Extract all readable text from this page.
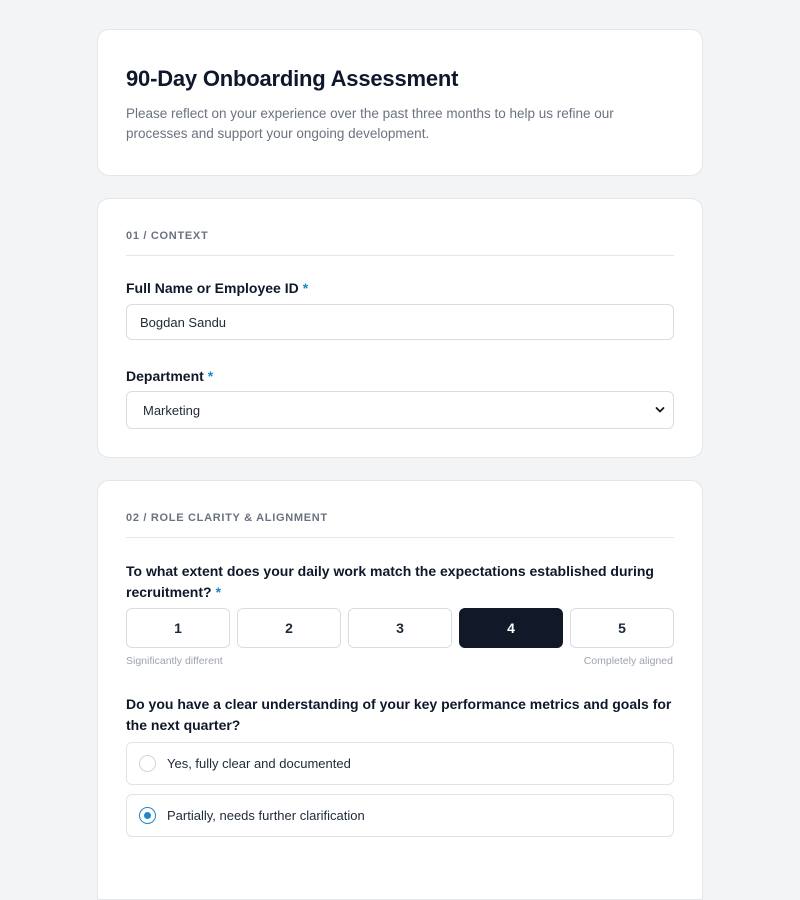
90-Day Onboarding Assessment

Please reflect on your experience over the past three months to help us refine our processes and support your ongoing development.

01 / CONTEXT
Full Name or Employee ID *
Bogdan Sandu
Department *
Marketing
02 / ROLE CLARITY & ALIGNMENT
To what extent does your daily work match the expectations established during recruitment? *
1	2	3	4	5
Significantly different	Completely aligned
Do you have a clear understanding of your key performance metrics and goals for the next quarter?
Yes, fully clear and documented
Partially, needs further clarification
